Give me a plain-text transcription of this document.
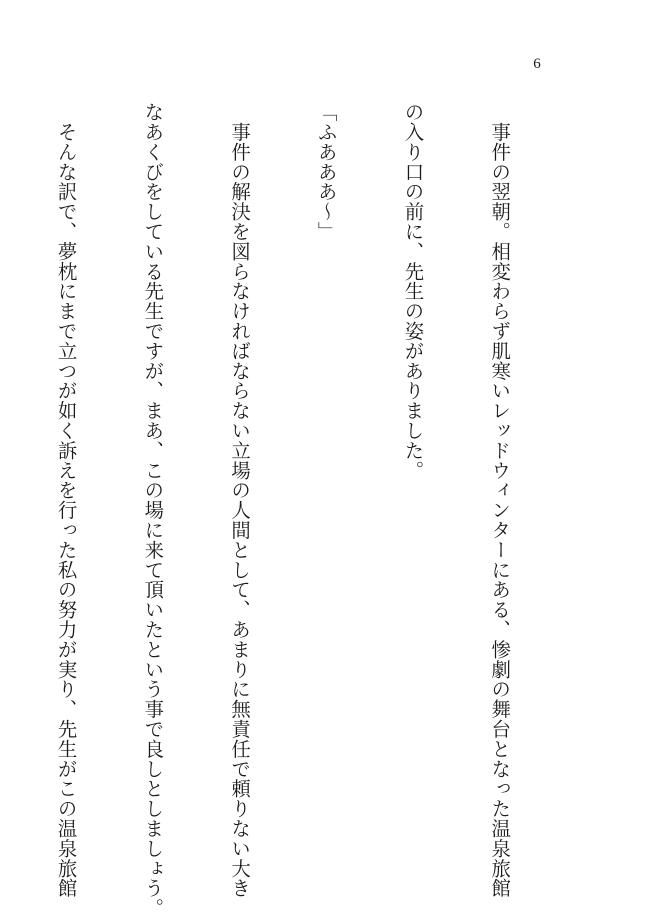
6

　事件の翌朝。相変わらず肌寒いレッドウィンターにある、惨劇の舞台となった温泉旅館

の入り口の前に、先生の姿がありました。

「ふあああ～」

　事件の解決を図らなければならない立場の人間として、あまりに無責任で頼りない大き

なあくびをしている先生ですが、まあ、この場に来て頂いたという事で良しとしましょう。

　そんな訳で、夢枕にまで立つが如く訴えを行った私の努力が実り、先生がこの温泉旅館
